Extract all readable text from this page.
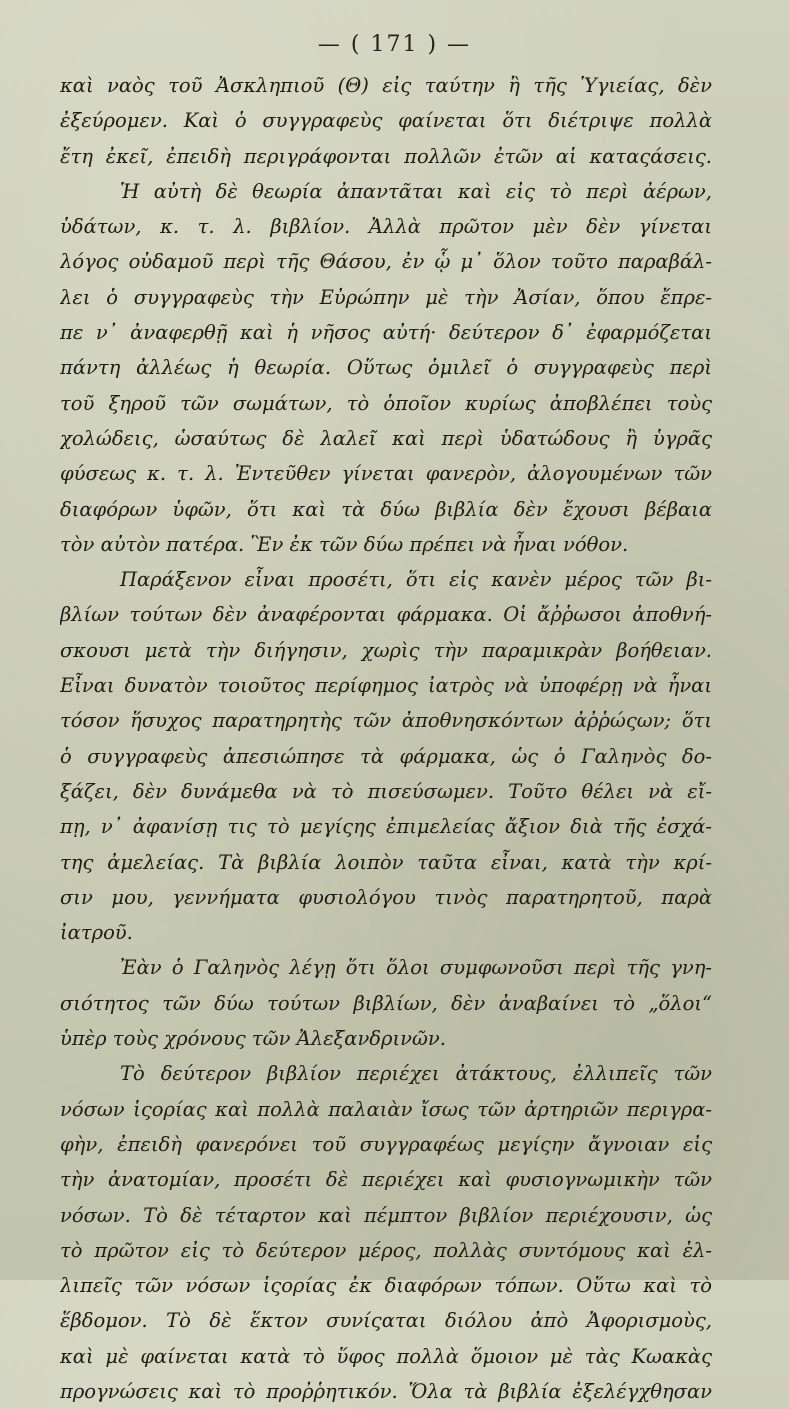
— ( 171 ) —
καὶ ναὸς τοῦ Ἀσκληπιοῦ (Θ) εἰς ταύτην ἢ τῆς Ὑγιείας, δὲν
ἐξεύρομεν. Καὶ ὁ συγγραφεὺς φαίνεται ὅτι διέτριψε πολλὰ
ἔτη ἐκεῖ, ἐπειδὴ περιγράφονται πολλῶν ἐτῶν αἱ καταςάσεις.
Ἡ αὐτὴ δὲ θεωρία ἀπαντᾶται καὶ εἰς τὸ περὶ ἀέρων,
ὑδάτων, κ. τ. λ. βιβλίον. Ἀλλὰ πρῶτον μὲν δὲν γίνεται
λόγος οὐδαμοῦ περὶ τῆς Θάσου, ἐν ᾧ μ᾽ ὅλον τοῦτο παραβάλ-
λει ὁ συγγραφεὺς τὴν Εὐρώπην μὲ τὴν Ἀσίαν, ὅπου ἔπρε-
πε ν᾽ ἀναφερθῇ καὶ ἡ νῆσος αὐτή· δεύτερον δ᾽ ἐφαρμόζεται
πάντη ἀλλέως ἡ θεωρία. Οὕτως ὁμιλεῖ ὁ συγγραφεὺς περὶ
τοῦ ξηροῦ τῶν σωμάτων, τὸ ὁποῖον κυρίως ἀποβλέπει τοὺς
χολώδεις, ὡσαύτως δὲ λαλεῖ καὶ περὶ ὑδατώδους ἢ ὑγρᾶς
φύσεως κ. τ. λ. Ἐντεῦθεν γίνεται φανερὸν, ἀλογουμένων τῶν
διαφόρων ὑφῶν, ὅτι καὶ τὰ δύω βιβλία δὲν ἔχουσι βέβαια
τὸν αὐτὸν πατέρα. Ἓν ἐκ τῶν δύω πρέπει νὰ ἦναι νόθον.
Παράξενον εἶναι προσέτι, ὅτι εἰς κανὲν μέρος τῶν βι-
βλίων τούτων δὲν ἀναφέρονται φάρμακα. Οἱ ἄῤῥωσοι ἀποθνή-
σκουσι μετὰ τὴν διήγησιν, χωρὶς τὴν παραμικρὰν βοήθειαν.
Εἶναι δυνατὸν τοιοῦτος περίφημος ἰατρὸς νὰ ὑποφέρῃ νὰ ἦναι
τόσον ἥσυχος παρατηρητὴς τῶν ἀποθνησκόντων ἀῤῥώςων; ὅτι
ὁ συγγραφεὺς ἀπεσιώπησε τὰ φάρμακα, ὡς ὁ Γαληνὸς δο-
ξάζει, δὲν δυνάμεθα νὰ τὸ πισεύσωμεν. Τοῦτο θέλει νὰ εἴ-
πῃ, ν᾽ ἀφανίσῃ τις τὸ μεγίςης ἐπιμελείας ἄξιον διὰ τῆς ἐσχά-
της ἀμελείας. Τὰ βιβλία λοιπὸν ταῦτα εἶναι, κατὰ τὴν κρί-
σιν μου, γεννήματα φυσιολόγου τινὸς παρατηρητοῦ, παρὰ
ἰατροῦ.
Ἐὰν ὁ Γαληνὸς λέγῃ ὅτι ὅλοι συμφωνοῦσι περὶ τῆς γνη-
σιότητος τῶν δύω τούτων βιβλίων, δὲν ἀναβαίνει τὸ „ὅλοι“
ὑπὲρ τοὺς χρόνους τῶν Ἀλεξανδρινῶν.
Τὸ δεύτερον βιβλίον περιέχει ἀτάκτους, ἐλλιπεῖς τῶν
νόσων ἱςορίας καὶ πολλὰ παλαιὰν ἴσως τῶν ἀρτηριῶν περιγρα-
φὴν, ἐπειδὴ φανερόνει τοῦ συγγραφέως μεγίςην ἄγνοιαν εἰς
τὴν ἀνατομίαν, προσέτι δὲ περιέχει καὶ φυσιογνωμικὴν τῶν
νόσων. Τὸ δὲ τέταρτον καὶ πέμπτον βιβλίον περιέχουσιν, ὡς
τὸ πρῶτον εἰς τὸ δεύτερον μέρος, πολλὰς συντόμους καὶ ἐλ-
λιπεῖς τῶν νόσων ἱςορίας ἐκ διαφόρων τόπων. Οὕτω καὶ τὸ
ἕβδομον. Τὸ δὲ ἕκτον συνίςαται διόλου ἀπὸ Ἀφορισμοὺς,
καὶ μὲ φαίνεται κατὰ τὸ ὕφος πολλὰ ὅμοιον μὲ τὰς Κωακὰς
προγνώσεις καὶ τὸ προῤῥητικόν. Ὅλα τὰ βιβλία ἐξελέγχθησαν
